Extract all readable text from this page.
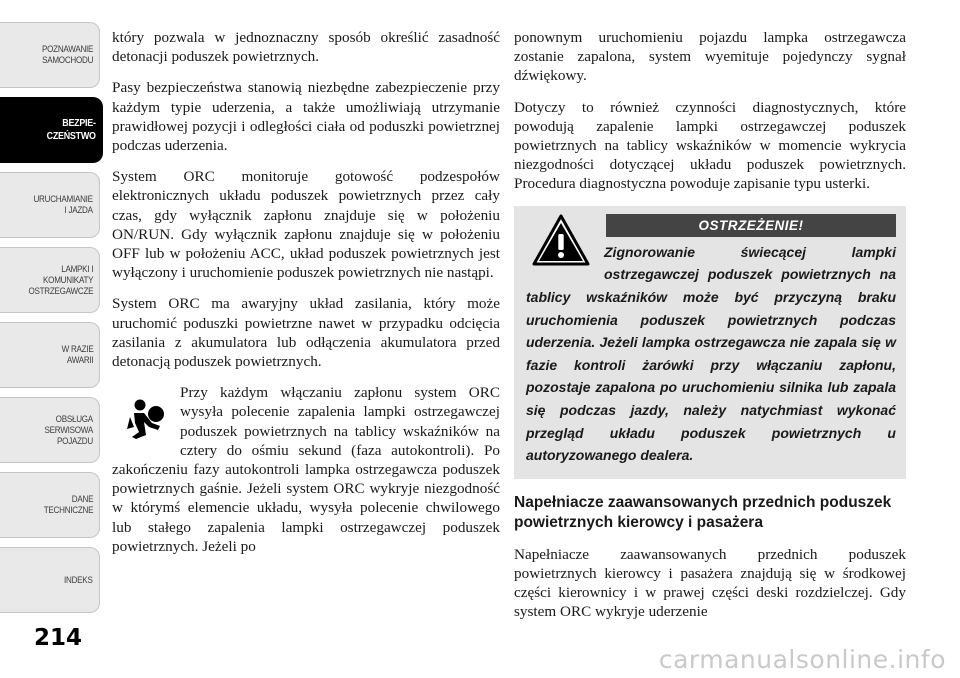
POZNAWANIE
SAMOCHODU
BEZPIE-
CZEŃSTWO
URUCHAMIANIE
I JAZDA
LAMPKI I
KOMUNIKATY
OSTRZEGAWCZE
W RAZIE
AWARII
OBSŁUGA
SERWISOWA
POJAZDU
DANE
TECHNICZNE
INDEKS
214

który pozwala w jednoznaczny sposób określić zasadność detonacji poduszek powietrznych.

Pasy bezpieczeństwa stanowią niezbędne zabezpieczenie przy każdym typie uderzenia, a także umożliwiają utrzymanie prawidłowej pozycji i odległości ciała od poduszki powietrznej podczas uderzenia.

System ORC monitoruje gotowość podzespołów elektronicznych układu poduszek powietrznych przez cały czas, gdy wyłącznik zapłonu znajduje się w położeniu ON/RUN. Gdy wyłącznik zapłonu znajduje się w położeniu OFF lub w położeniu ACC, układ poduszek powietrznych jest wyłączony i uruchomienie poduszek powietrznych nie nastąpi.

System ORC ma awaryjny układ zasilania, który może uruchomić poduszki powietrzne nawet w przypadku odcięcia zasilania z akumulatora lub odłączenia akumulatora przed detonacją poduszek powietrznych.

Przy każdym włączaniu zapłonu system ORC wysyła polecenie zapalenia lampki ostrzegawczej poduszek powietrznych na tablicy wskaźników na cztery do ośmiu sekund (faza autokontroli). Po zakończeniu fazy autokontroli lampka ostrzegawcza poduszek powietrznych gaśnie. Jeżeli system ORC wykryje niezgodność w którymś elemencie układu, wysyła polecenie chwilowego lub stałego zapalenia lampki ostrzegawczej poduszek powietrznych. Jeżeli po

ponownym uruchomieniu pojazdu lampka ostrzegawcza zostanie zapalona, system wyemituje pojedynczy sygnał dźwiękowy.

Dotyczy to również czynności diagnostycznych, które powodują zapalenie lampki ostrzegawczej poduszek powietrznych na tablicy wskaźników w momencie wykrycia niezgodności dotyczącej układu poduszek powietrznych. Procedura diagnostyczna powoduje zapisanie typu usterki.

OSTRZEŻENIE!
Zignorowanie świecącej lampki ostrzegawczej poduszek powietrznych na tablicy wskaźników może być przyczyną braku uruchomienia poduszek powietrznych podczas uderzenia. Jeżeli lampka ostrzegawcza nie zapala się w fazie kontroli żarówki przy włączaniu zapłonu, pozostaje zapalona po uruchomieniu silnika lub zapala się podczas jazdy, należy natychmiast wykonać przegląd układu poduszek powietrznych u autoryzowanego dealera.

Napełniacze zaawansowanych przednich poduszek powietrznych kierowcy i pasażera

Napełniacze zaawansowanych przednich poduszek powietrznych kierowcy i pasażera znajdują się w środkowej części kierownicy i w prawej części deski rozdzielczej. Gdy system ORC wykryje uderzenie

carmanualsonline.info
